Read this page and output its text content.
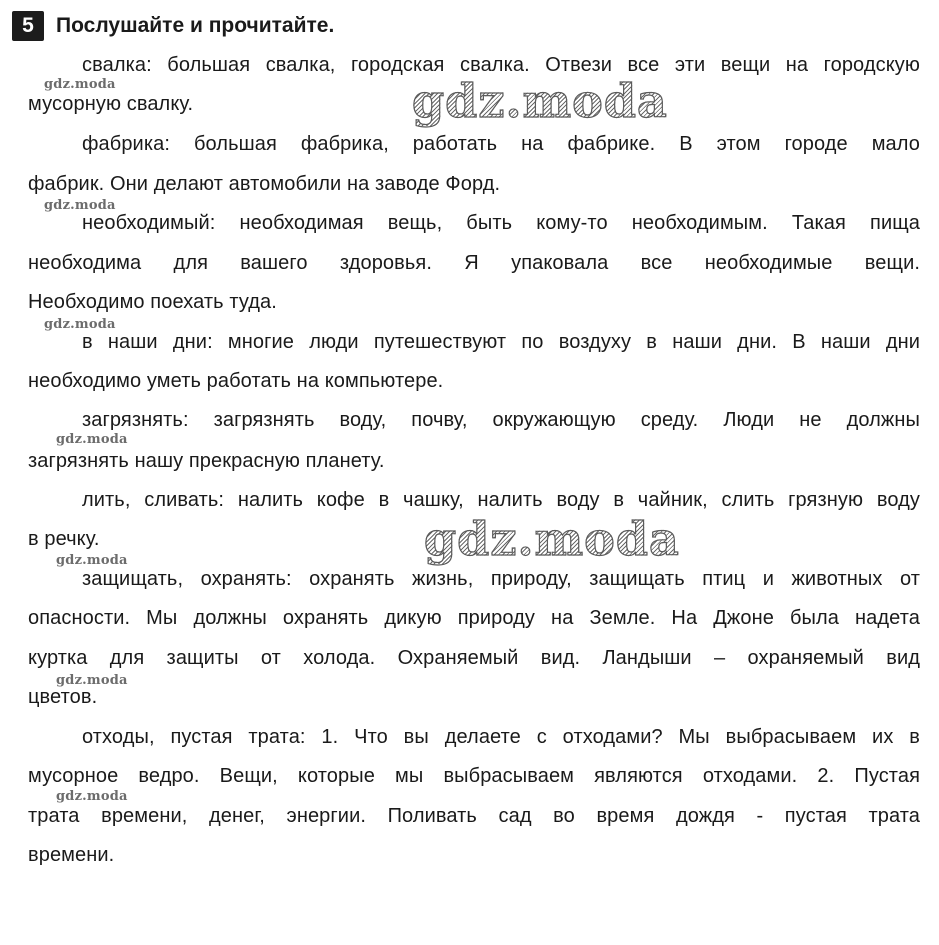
5	Послушайте и прочитайте.
свалка: большая свалка, городская свалка. Отвези все эти вещи на городскую
мусорную свалку.
фабрика: большая фабрика, работать на фабрике. В этом городе мало
фабрик. Они делают автомобили на заводе Форд.
необходимый: необходимая вещь, быть кому-то необходимым. Такая пища
необходима для вашего здоровья. Я упаковала все необходимые вещи.
Необходимо поехать туда.
в наши дни: многие люди путешествуют по воздуху в наши дни. В наши дни
необходимо уметь работать на компьютере.
загрязнять: загрязнять воду, почву, окружающую среду. Люди не должны
загрязнять нашу прекрасную планету.
лить, сливать: налить кофе в чашку, налить воду в чайник, слить грязную воду
в речку.
защищать, охранять: охранять жизнь, природу, защищать птиц и животных от
опасности. Мы должны охранять дикую природу на Земле. На Джоне была надета
куртка для защиты от холода. Охраняемый вид. Ландыши – охраняемый вид
цветов.
отходы, пустая трата: 1. Что вы делаете с отходами? Мы выбрасываем их в
мусорное ведро. Вещи, которые мы выбрасываем являются отходами. 2. Пустая
трата времени, денег, энергии. Поливать сад во время дождя - пустая трата
времени.
gdz.moda
gdz.moda
gdz.moda
gdz.moda
gdz.moda
gdz.moda
gdz.moda
gdz.moda
gdz.moda
